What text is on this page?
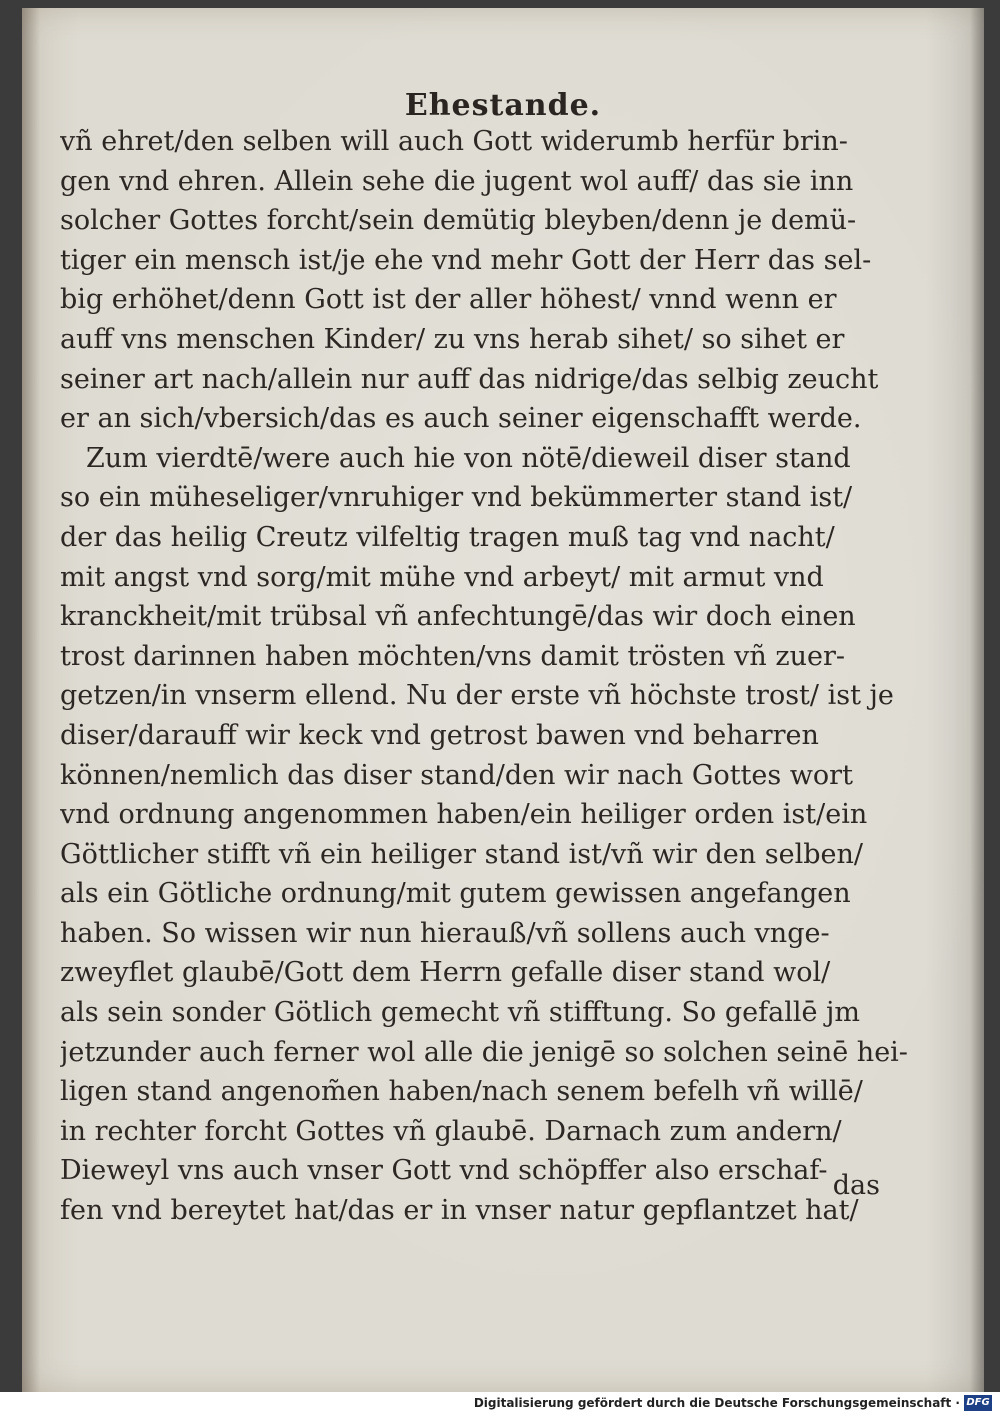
Ehestande.
vñ ehret/den selben will auch Gott widerumb herfür brin-
gen vnd ehren. Allein sehe die jugent wol auff/ das sie inn
solcher Gottes forcht/sein demütig bleyben/denn je demü-
tiger ein mensch ist/je ehe vnd mehr Gott der Herr das sel-
big erhöhet/denn Gott ist der aller höhest/ vnnd wenn er
auff vns menschen Kinder/ zu vns herab sihet/ so sihet er
seiner art nach/allein nur auff das nidrige/das selbig zeucht
er an sich/vbersich/das es auch seiner eigenschafft werde.
Zum vierdtē/were auch hie von nötē/dieweil diser stand
so ein müheseliger/vnruhiger vnd bekümmerter stand ist/
der das heilig Creutz vilfeltig tragen muß tag vnd nacht/
mit angst vnd sorg/mit mühe vnd arbeyt/ mit armut vnd
kranckheit/mit trübsal vñ anfechtungē/das wir doch einen
trost darinnen haben möchten/vns damit trösten vñ zuer-
getzen/in vnserm ellend. Nu der erste vñ höchste trost/ ist je
diser/darauff wir keck vnd getrost bawen vnd beharren
können/nemlich das diser stand/den wir nach Gottes wort
vnd ordnung angenommen haben/ein heiliger orden ist/ein
Göttlicher stifft vñ ein heiliger stand ist/vñ wir den selben/
als ein Götliche ordnung/mit gutem gewissen angefangen
haben. So wissen wir nun hierauß/vñ sollens auch vnge-
zweyflet glaubē/Gott dem Herrn gefalle diser stand wol/
als sein sonder Götlich gemecht vñ stifftung. So gefallē jm
jetzunder auch ferner wol alle die jenigē so solchen seinē hei-
ligen stand angenom̃en haben/nach senem befelh vñ willē/
in rechter forcht Gottes vñ glaubē. Darnach zum andern/
Dieweyl vns auch vnser Gott vnd schöpffer also erschaf-
fen vnd bereytet hat/das er in vnser natur gepflantzet hat/
das
Digitalisierung gefördert durch die Deutsche Forschungsgemeinschaft · DFG
